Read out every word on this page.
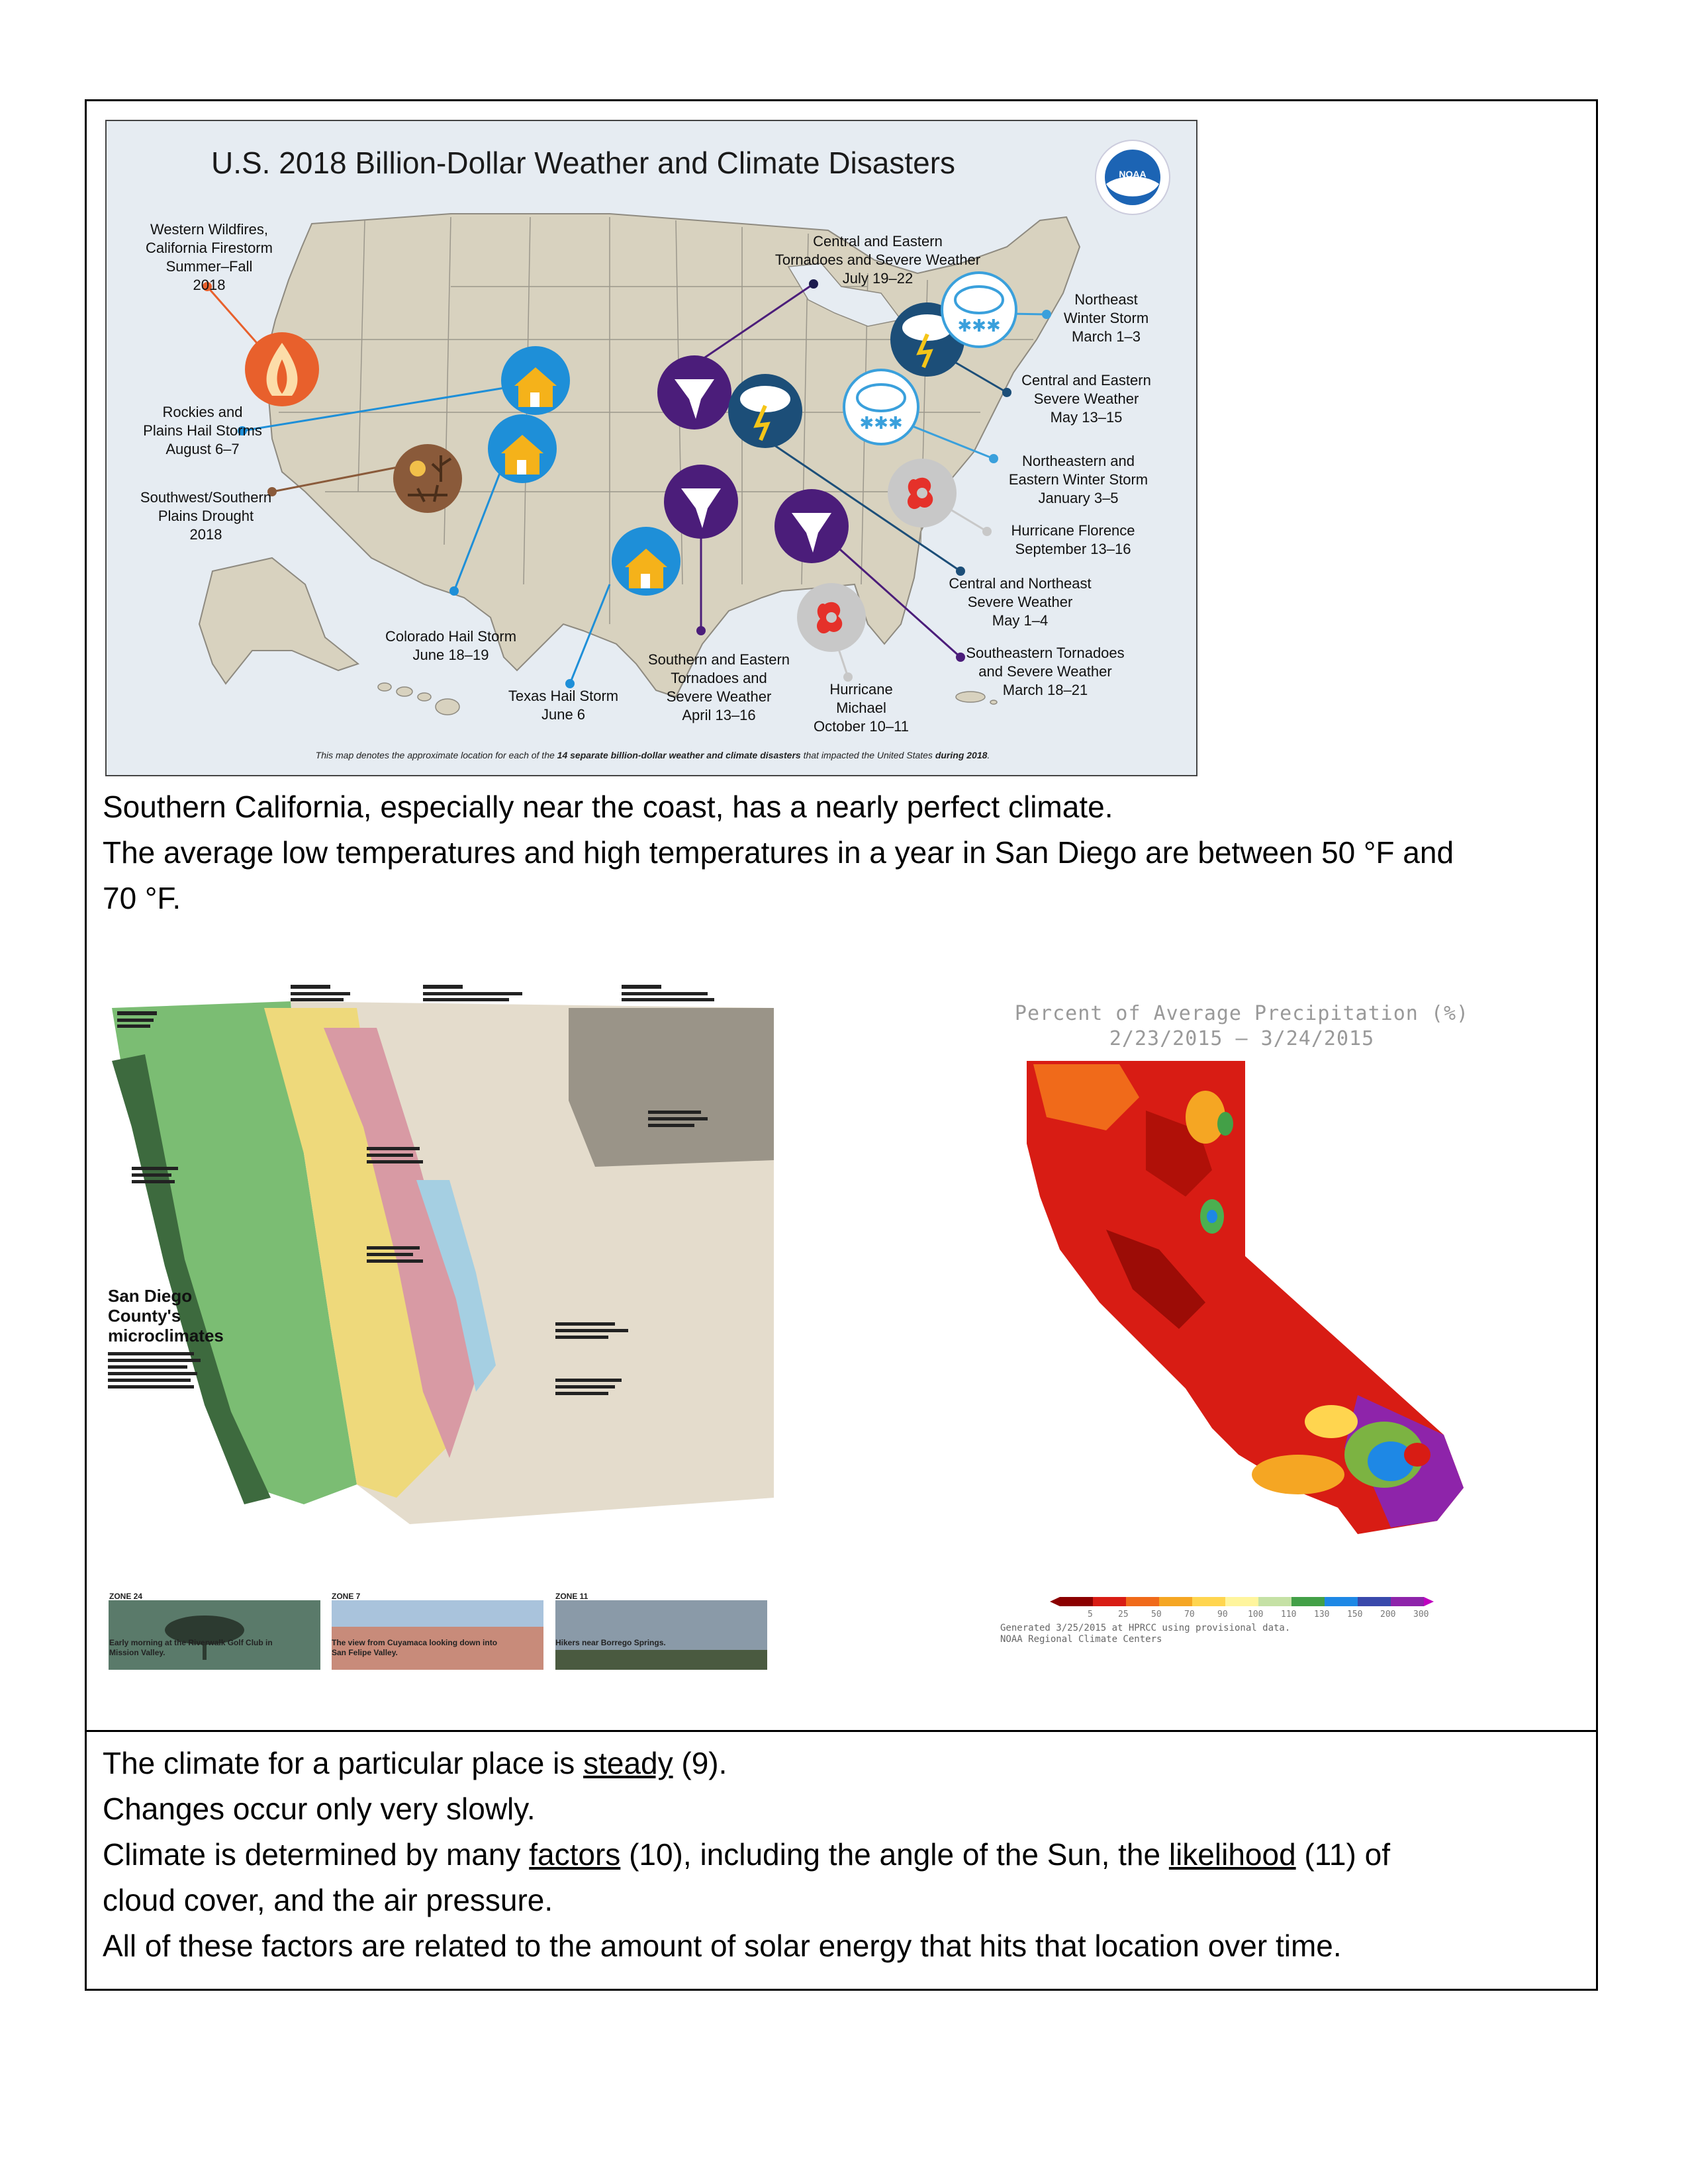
✱✱✱
✱✱✱
U.S. 2018 Billion-Dollar Weather and Climate Disasters	NOAA
Western Wildfires,
California Firestorm
Summer–Fall
2018
Rockies and
Plains Hail Storms
August 6–7
Southwest/Southern
Plains Drought
2018
Colorado Hail Storm
June 18–19
Texas Hail Storm
June 6
Southern and Eastern
Tornadoes and
Severe Weather
April 13–16
Hurricane
Michael
October 10–11
Southeastern Tornadoes
and Severe Weather
March 18–21
Central and Northeast
Severe Weather
May 1–4
Hurricane Florence
September 13–16
Northeastern and
Eastern Winter Storm
January 3–5
Central and Eastern
Severe Weather
May 13–15
Northeast
Winter Storm
March 1–3
Central and Eastern
Tornadoes and Severe Weather
July 19–22
This map denotes the approximate location for each of the 14 separate billion-dollar weather and climate disasters that impacted the United States during 2018.

Southern California, especially near the coast, has a nearly perfect climate.

The average low temperatures and high temperatures in a year in San Diego are between 50 °F and

70 °F.

San Diego
County's
microclimates
ZONE 24	ZONE 7	ZONE 11
Early morning at the Riverwalk Golf Club in
Mission Valley.
The view from Cuyamaca looking down into
San Felipe Valley.
Hikers near Borrego Springs.
Percent of Average Precipitation (%)
2/23/2015 – 3/24/2015
5	25	50	70	90 100 110 130 150 200 300
Generated 3/25/2015 at HPRCC using provisional data.
NOAA Regional Climate Centers

The climate for a particular place is steady (9).

Changes occur only very slowly.

Climate is determined by many factors (10), including the angle of the Sun, the likelihood (11) of

cloud cover, and the air pressure.

All of these factors are related to the amount of solar energy that hits that location over time.
